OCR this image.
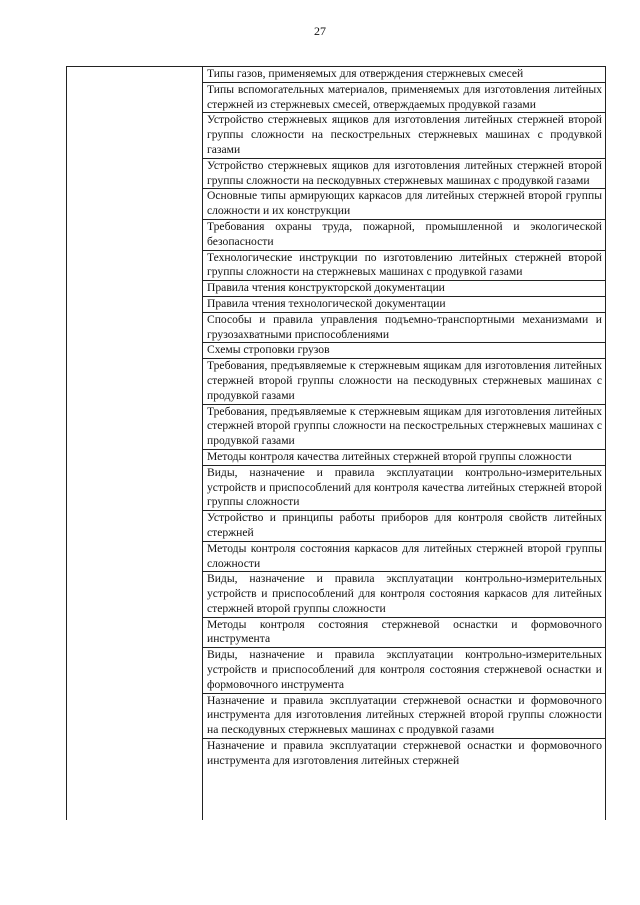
27
Типы газов, применяемых для отверждения стержневых смесей
Типы вспомогательных материалов, применяемых для изготовления литейных стержней из стержневых смесей, отверждаемых продувкой газами
Устройство стержневых ящиков для изготовления литейных стержней второй группы сложности на пескострельных стержневых машинах с продувкой газами
Устройство стержневых ящиков для изготовления литейных стержней второй группы сложности на пескодувных стержневых машинах с продувкой газами
Основные типы армирующих каркасов для литейных стержней второй группы сложности и их конструкции
Требования охраны труда, пожарной, промышленной и экологической безопасности
Технологические инструкции по изготовлению литейных стержней второй группы сложности на стержневых машинах с продувкой газами
Правила чтения конструкторской документации
Правила чтения технологической документации
Способы и правила управления подъемно-транспортными механизмами и грузозахватными приспособлениями
Схемы строповки грузов
Требования, предъявляемые к стержневым ящикам для изготовления литейных стержней второй группы сложности на пескодувных стержневых машинах с продувкой газами
Требования, предъявляемые к стержневым ящикам для изготовления литейных стержней второй группы сложности на пескострельных стержневых машинах с продувкой газами
Методы контроля качества литейных стержней второй группы сложности
Виды, назначение и правила эксплуатации контрольно-измерительных устройств и приспособлений для контроля качества литейных стержней второй группы сложности
Устройство и принципы работы приборов для контроля свойств литейных стержней
Методы контроля состояния каркасов для литейных стержней второй группы сложности
Виды, назначение и правила эксплуатации контрольно-измерительных устройств и приспособлений для контроля состояния каркасов для литейных стержней второй группы сложности
Методы контроля состояния стержневой оснастки и формовочного инструмента
Виды, назначение и правила эксплуатации контрольно-измерительных устройств и приспособлений для контроля состояния стержневой оснастки и формовочного инструмента
Назначение и правила эксплуатации стержневой оснастки и формовочного инструмента для изготовления литейных стержней второй группы сложности на пескодувных стержневых машинах с продувкой газами
Назначение и правила эксплуатации стержневой оснастки и формовочного инструмента для изготовления литейных стержней
